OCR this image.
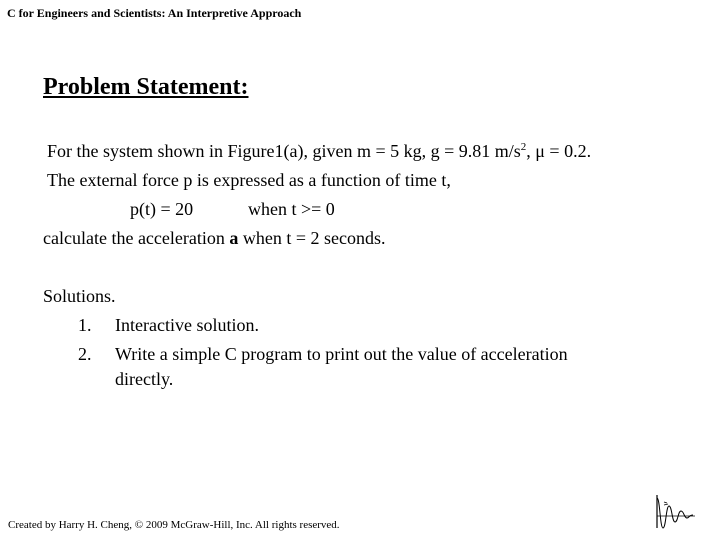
C for Engineers and Scientists: An Interpretive Approach
Problem Statement:
For the system shown in Figure1(a), given m = 5 kg, g = 9.81 $m/s^2$, μ = 0.2.
The external force p is expressed as a function of time t,
p(t) = 20	when t >= 0
calculate the acceleration a when t = 2 seconds.
Solutions.
1. Interactive solution.
2. Write a simple C program to print out the value of acceleration
directly.
Created by Harry H. Cheng, © 2009 McGraw-Hill, Inc. All rights reserved.
